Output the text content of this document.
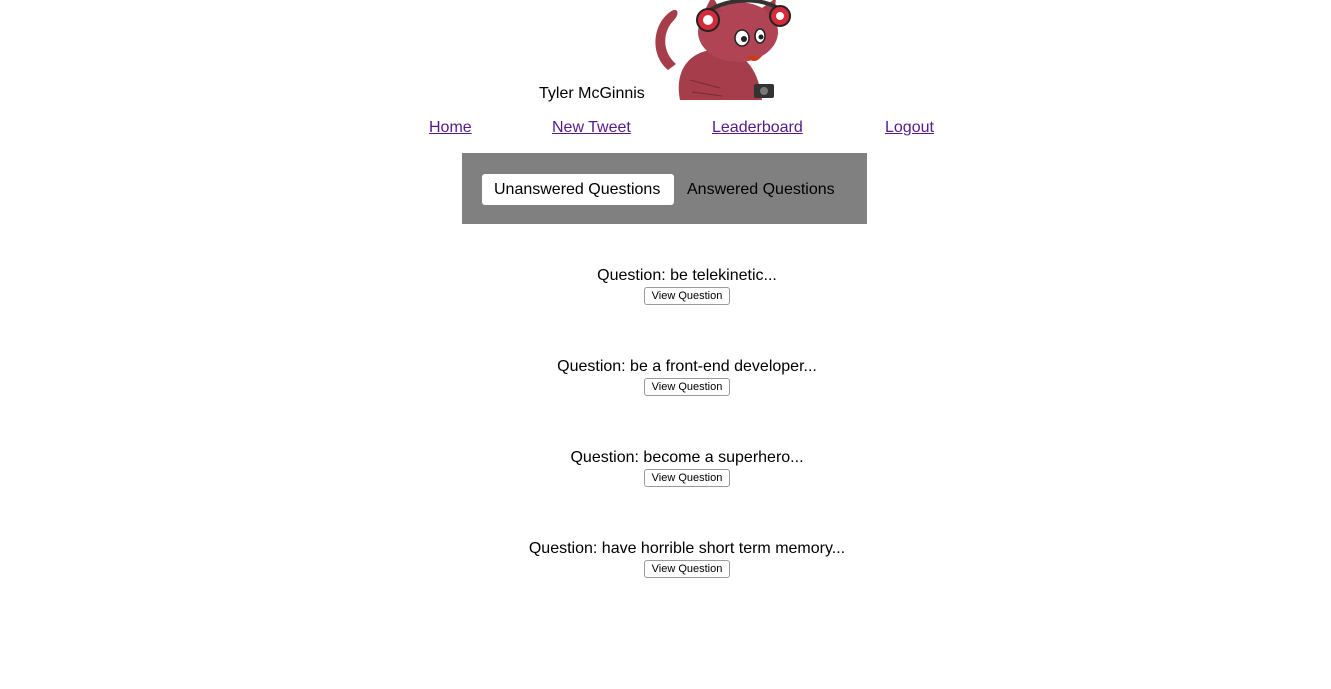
Tyler McGinnis
Home	New Tweet	Leaderboard	Logout
Unanswered Questions	Answered Questions
Question: be telekinetic...
View Question
Question: be a front-end developer...
View Question
Question: become a superhero...
View Question
Question: have horrible short term memory...
View Question
